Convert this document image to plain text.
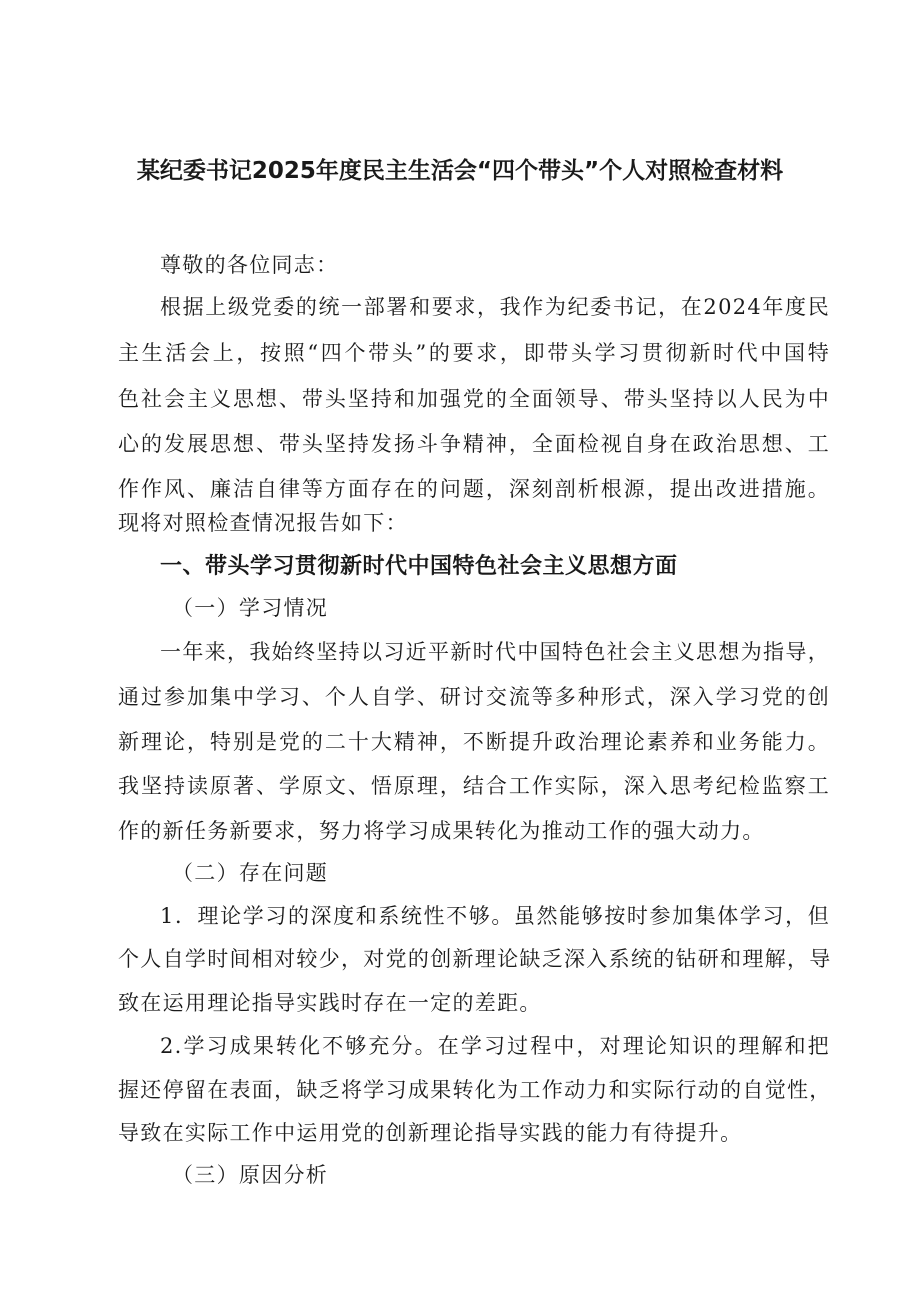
某纪委书记2025年度民主生活会“四个带头”个人对照检查材料
尊敬的各位同志：
根据上级党委的统一部署和要求，我作为纪委书记，在2024年度民
主生活会上，按照“四个带头”的要求，即带头学习贯彻新时代中国特
色社会主义思想、带头坚持和加强党的全面领导、带头坚持以人民为中
心的发展思想、带头坚持发扬斗争精神，全面检视自身在政治思想、工
作作风、廉洁自律等方面存在的问题，深刻剖析根源，提出改进措施。
现将对照检查情况报告如下：
一、带头学习贯彻新时代中国特色社会主义思想方面
（一）学习情况
一年来，我始终坚持以习近平新时代中国特色社会主义思想为指导，
通过参加集中学习、个人自学、研讨交流等多种形式，深入学习党的创
新理论，特别是党的二十大精神，不断提升政治理论素养和业务能力。
我坚持读原著、学原文、悟原理，结合工作实际，深入思考纪检监察工
作的新任务新要求，努力将学习成果转化为推动工作的强大动力。
（二）存在问题
1．理论学习的深度和系统性不够。虽然能够按时参加集体学习，但
个人自学时间相对较少，对党的创新理论缺乏深入系统的钻研和理解，导
致在运用理论指导实践时存在一定的差距。
2.学习成果转化不够充分。在学习过程中，对理论知识的理解和把
握还停留在表面，缺乏将学习成果转化为工作动力和实际行动的自觉性，
导致在实际工作中运用党的创新理论指导实践的能力有待提升。
（三）原因分析
